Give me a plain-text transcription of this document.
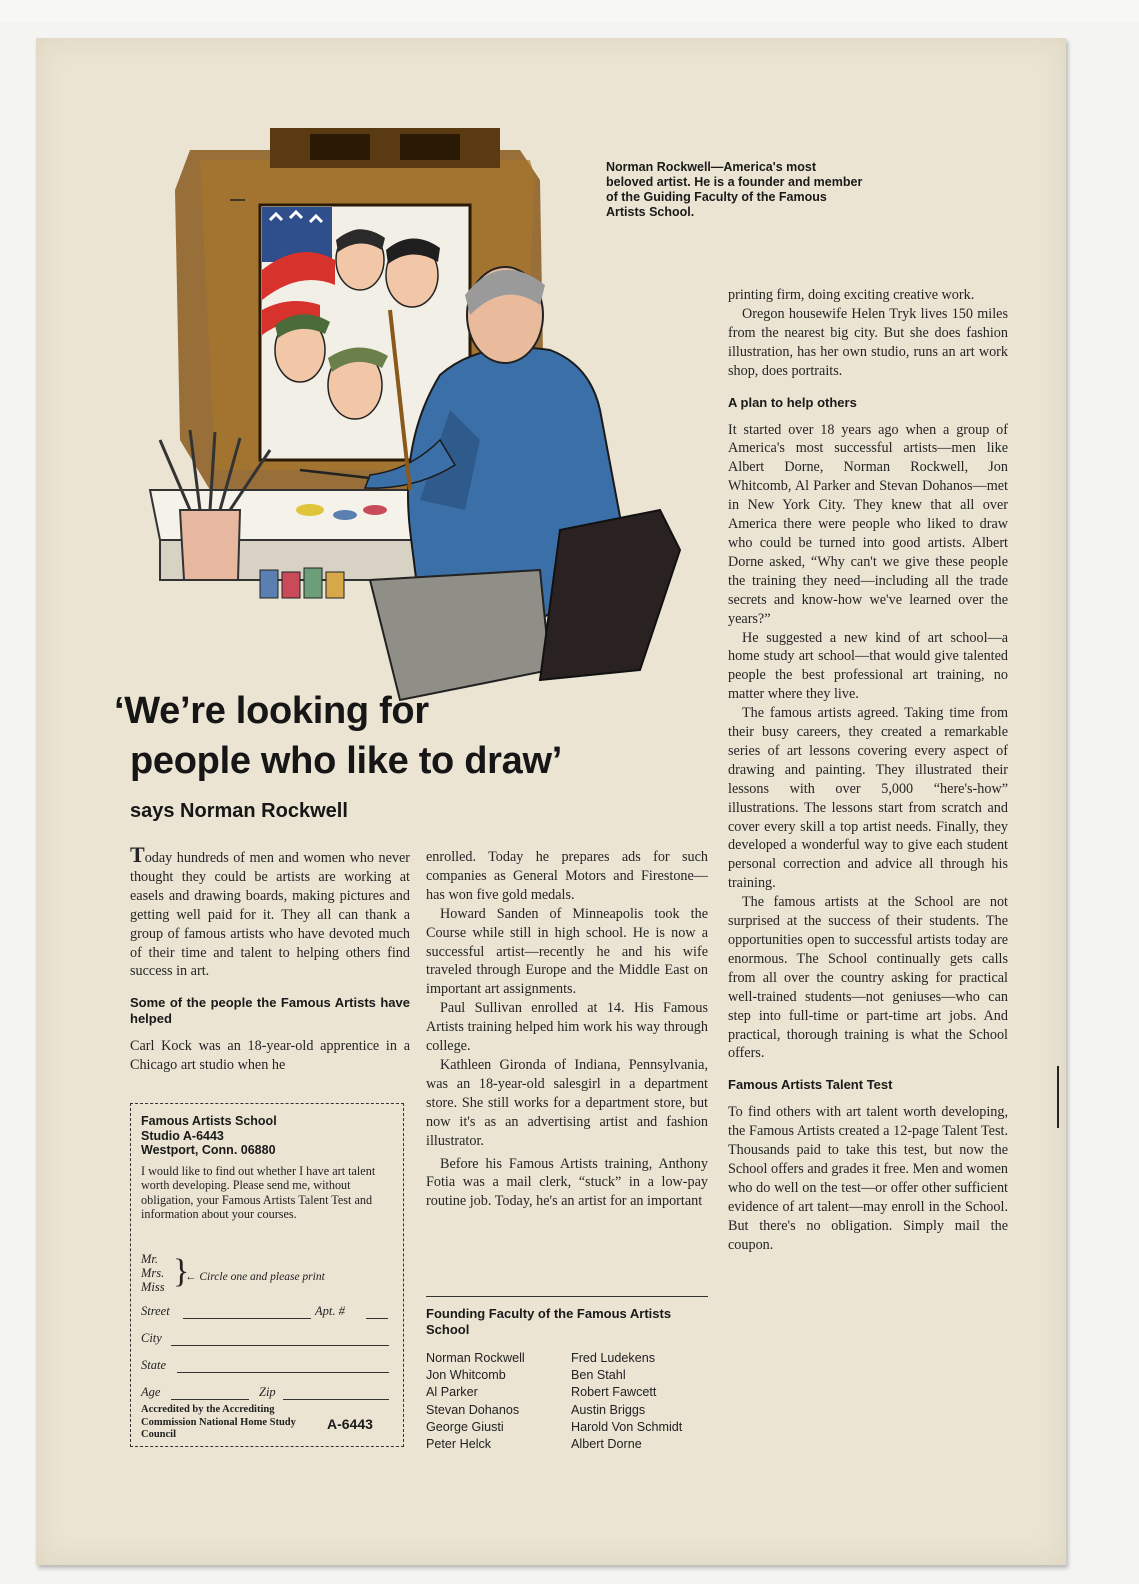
Norman Rockwell—America's most beloved artist. He is a founder and member of the Guiding Faculty of the Famous Artists School.
‘We’re looking for
people who like to draw’
says Norman Rockwell

Today hundreds of men and women who never thought they could be artists are working at easels and drawing boards, making pictures and getting well paid for it. They all can thank a group of famous artists who have devoted much of their time and talent to helping others find success in art.

Some of the people the Famous Artists have helped

Carl Kock was an 18-year-old apprentice in a Chicago art studio when he

Famous Artists School

Studio A-6443

Westport, Conn. 06880

I would like to find out whether I have art talent worth developing. Please send me, without obligation, your Famous Artists Talent Test and information about your courses.

Mr.
Mrs.
Miss }
← Circle one and please print
Street	Apt. #
City
State
Age	Zip
Accredited by the Accrediting Commission National Home Study Council
A-6443

enrolled. Today he prepares ads for such companies as General Motors and Firestone—has won five gold medals.

Howard Sanden of Minneapolis took the Course while still in high school. He is now a successful artist—recently he and his wife traveled through Europe and the Middle East on important art assignments.

Paul Sullivan enrolled at 14. His Famous Artists training helped him work his way through college.

Kathleen Gironda of Indiana, Pennsylvania, was an 18-year-old salesgirl in a department store. She still works for a department store, but now it's as an advertising artist and fashion illustrator.

Before his Famous Artists training, Anthony Fotia was a mail clerk, “stuck” in a low-pay routine job. Today, he's an artist for an important

Founding Faculty of the Famous Artists School
Norman Rockwell
Jon Whitcomb
Al Parker
Stevan Dohanos
George Giusti
Peter Helck
Fred Ludekens
Ben Stahl
Robert Fawcett
Austin Briggs
Harold Von Schmidt
Albert Dorne

printing firm, doing exciting creative work.

Oregon housewife Helen Tryk lives 150 miles from the nearest big city. But she does fashion illustration, has her own studio, runs an art work shop, does portraits.

A plan to help others

It started over 18 years ago when a group of America's most successful artists—men like Albert Dorne, Norman Rockwell, Jon Whitcomb, Al Parker and Stevan Dohanos—met in New York City. They knew that all over America there were people who liked to draw who could be turned into good artists. Albert Dorne asked, “Why can't we give these people the training they need—including all the trade secrets and know-how we've learned over the years?”

He suggested a new kind of art school—a home study art school—that would give talented people the best professional art training, no matter where they live.

The famous artists agreed. Taking time from their busy careers, they created a remarkable series of art lessons covering every aspect of drawing and painting. They illustrated their lessons with over 5,000 “here's-how” illustrations. The lessons start from scratch and cover every skill a top artist needs. Finally, they developed a wonderful way to give each student personal correction and advice all through his training.

The famous artists at the School are not surprised at the success of their students. The opportunities open to successful artists today are enormous. The School continually gets calls from all over the country asking for practical well-trained students—not geniuses—who can step into full-time or part-time art jobs. And practical, thorough training is what the School offers.

Famous Artists Talent Test

To find others with art talent worth developing, the Famous Artists created a 12-page Talent Test. Thousands paid to take this test, but now the School offers and grades it free. Men and women who do well on the test—or offer other sufficient evidence of art talent—may enroll in the School. But there's no obligation. Simply mail the coupon.
